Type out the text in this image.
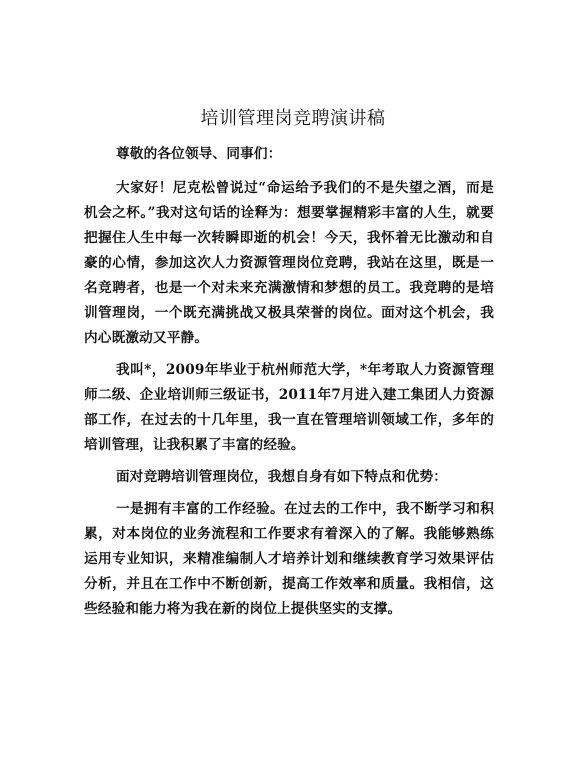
培训管理岗竞聘演讲稿

尊敬的各位领导、同事们：

大家好！尼克松曾说过“命运给予我们的不是失望之酒，而是机会之杯。”我对这句话的诠释为：想要掌握精彩丰富的人生，就要把握住人生中每一次转瞬即逝的机会！今天，我怀着无比激动和自豪的心情，参加这次人力资源管理岗位竞聘，我站在这里，既是一名竞聘者，也是一个对未来充满激情和梦想的员工。我竞聘的是培训管理岗，一个既充满挑战又极具荣誉的岗位。面对这个机会，我内心既激动又平静。

我叫*，2009年毕业于杭州师范大学，*年考取人力资源管理师二级、企业培训师三级证书，2011年7月进入建工集团人力资源部工作，在过去的十几年里，我一直在管理培训领域工作，多年的培训管理，让我积累了丰富的经验。

面对竞聘培训管理岗位，我想自身有如下特点和优势：

一是拥有丰富的工作经验。在过去的工作中，我不断学习和积累，对本岗位的业务流程和工作要求有着深入的了解。我能够熟练运用专业知识，来精准编制人才培养计划和继续教育学习效果评估分析，并且在工作中不断创新，提高工作效率和质量。我相信，这些经验和能力将为我在新的岗位上提供坚实的支撑。
